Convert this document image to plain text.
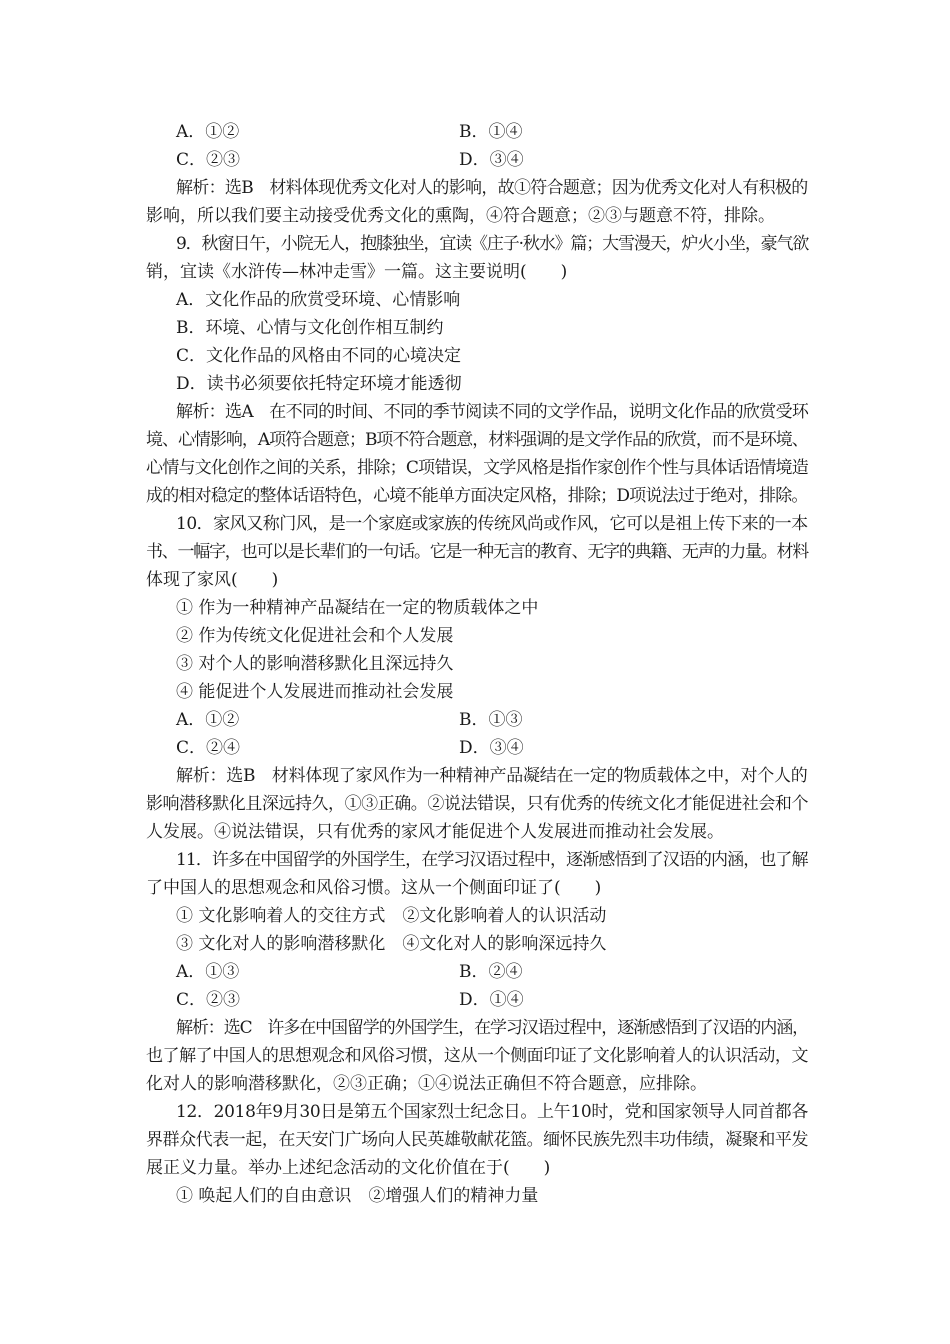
A．①②	B．①④
C．②③	D．③④
解析：选B　材料体现优秀文化对人的影响，故①符合题意；因为优秀文化对人有积极的
影响，所以我们要主动接受优秀文化的熏陶，④符合题意；②③与题意不符，排除。
9．秋窗日午，小院无人，抱膝独坐，宜读《庄子·秋水》篇；大雪漫天，炉火小坐，豪气欲
销，宜读《水浒传—林冲走雪》一篇。这主要说明(　　)
A．文化作品的欣赏受环境、心情影响
B．环境、心情与文化创作相互制约
C．文化作品的风格由不同的心境决定
D．读书必须要依托特定环境才能透彻
解析：选A　在不同的时间、不同的季节阅读不同的文学作品，说明文化作品的欣赏受环
境、心情影响，A项符合题意；B项不符合题意，材料强调的是文学作品的欣赏，而不是环境、
心情与文化创作之间的关系，排除；C项错误，文学风格是指作家创作个性与具体话语情境造
成的相对稳定的整体话语特色，心境不能单方面决定风格，排除；D项说法过于绝对，排除。
10．家风又称门风，是一个家庭或家族的传统风尚或作风，它可以是祖上传下来的一本
书、一幅字，也可以是长辈们的一句话。它是一种无言的教育、无字的典籍、无声的力量。材料
体现了家风(　　)
① 作为一种精神产品凝结在一定的物质载体之中
② 作为传统文化促进社会和个人发展
③ 对个人的影响潜移默化且深远持久
④ 能促进个人发展进而推动社会发展
A．①②	B．①③
C．②④	D．③④
解析：选B　材料体现了家风作为一种精神产品凝结在一定的物质载体之中，对个人的
影响潜移默化且深远持久，①③正确。②说法错误，只有优秀的传统文化才能促进社会和个
人发展。④说法错误，只有优秀的家风才能促进个人发展进而推动社会发展。
11．许多在中国留学的外国学生，在学习汉语过程中，逐渐感悟到了汉语的内涵，也了解
了中国人的思想观念和风俗习惯。这从一个侧面印证了(　　)
① 文化影响着人的交往方式　②文化影响着人的认识活动
③ 文化对人的影响潜移默化　④文化对人的影响深远持久
A．①③	B．②④
C．②③	D．①④
解析：选C　许多在中国留学的外国学生，在学习汉语过程中，逐渐感悟到了汉语的内涵，
也了解了中国人的思想观念和风俗习惯，这从一个侧面印证了文化影响着人的认识活动，文
化对人的影响潜移默化，②③正确；①④说法正确但不符合题意，应排除。
12．2018年9月30日是第五个国家烈士纪念日。上午10时，党和国家领导人同首都各
界群众代表一起，在天安门广场向人民英雄敬献花篮。缅怀民族先烈丰功伟绩，凝聚和平发
展正义力量。举办上述纪念活动的文化价值在于(　　)
① 唤起人们的自由意识　②增强人们的精神力量
